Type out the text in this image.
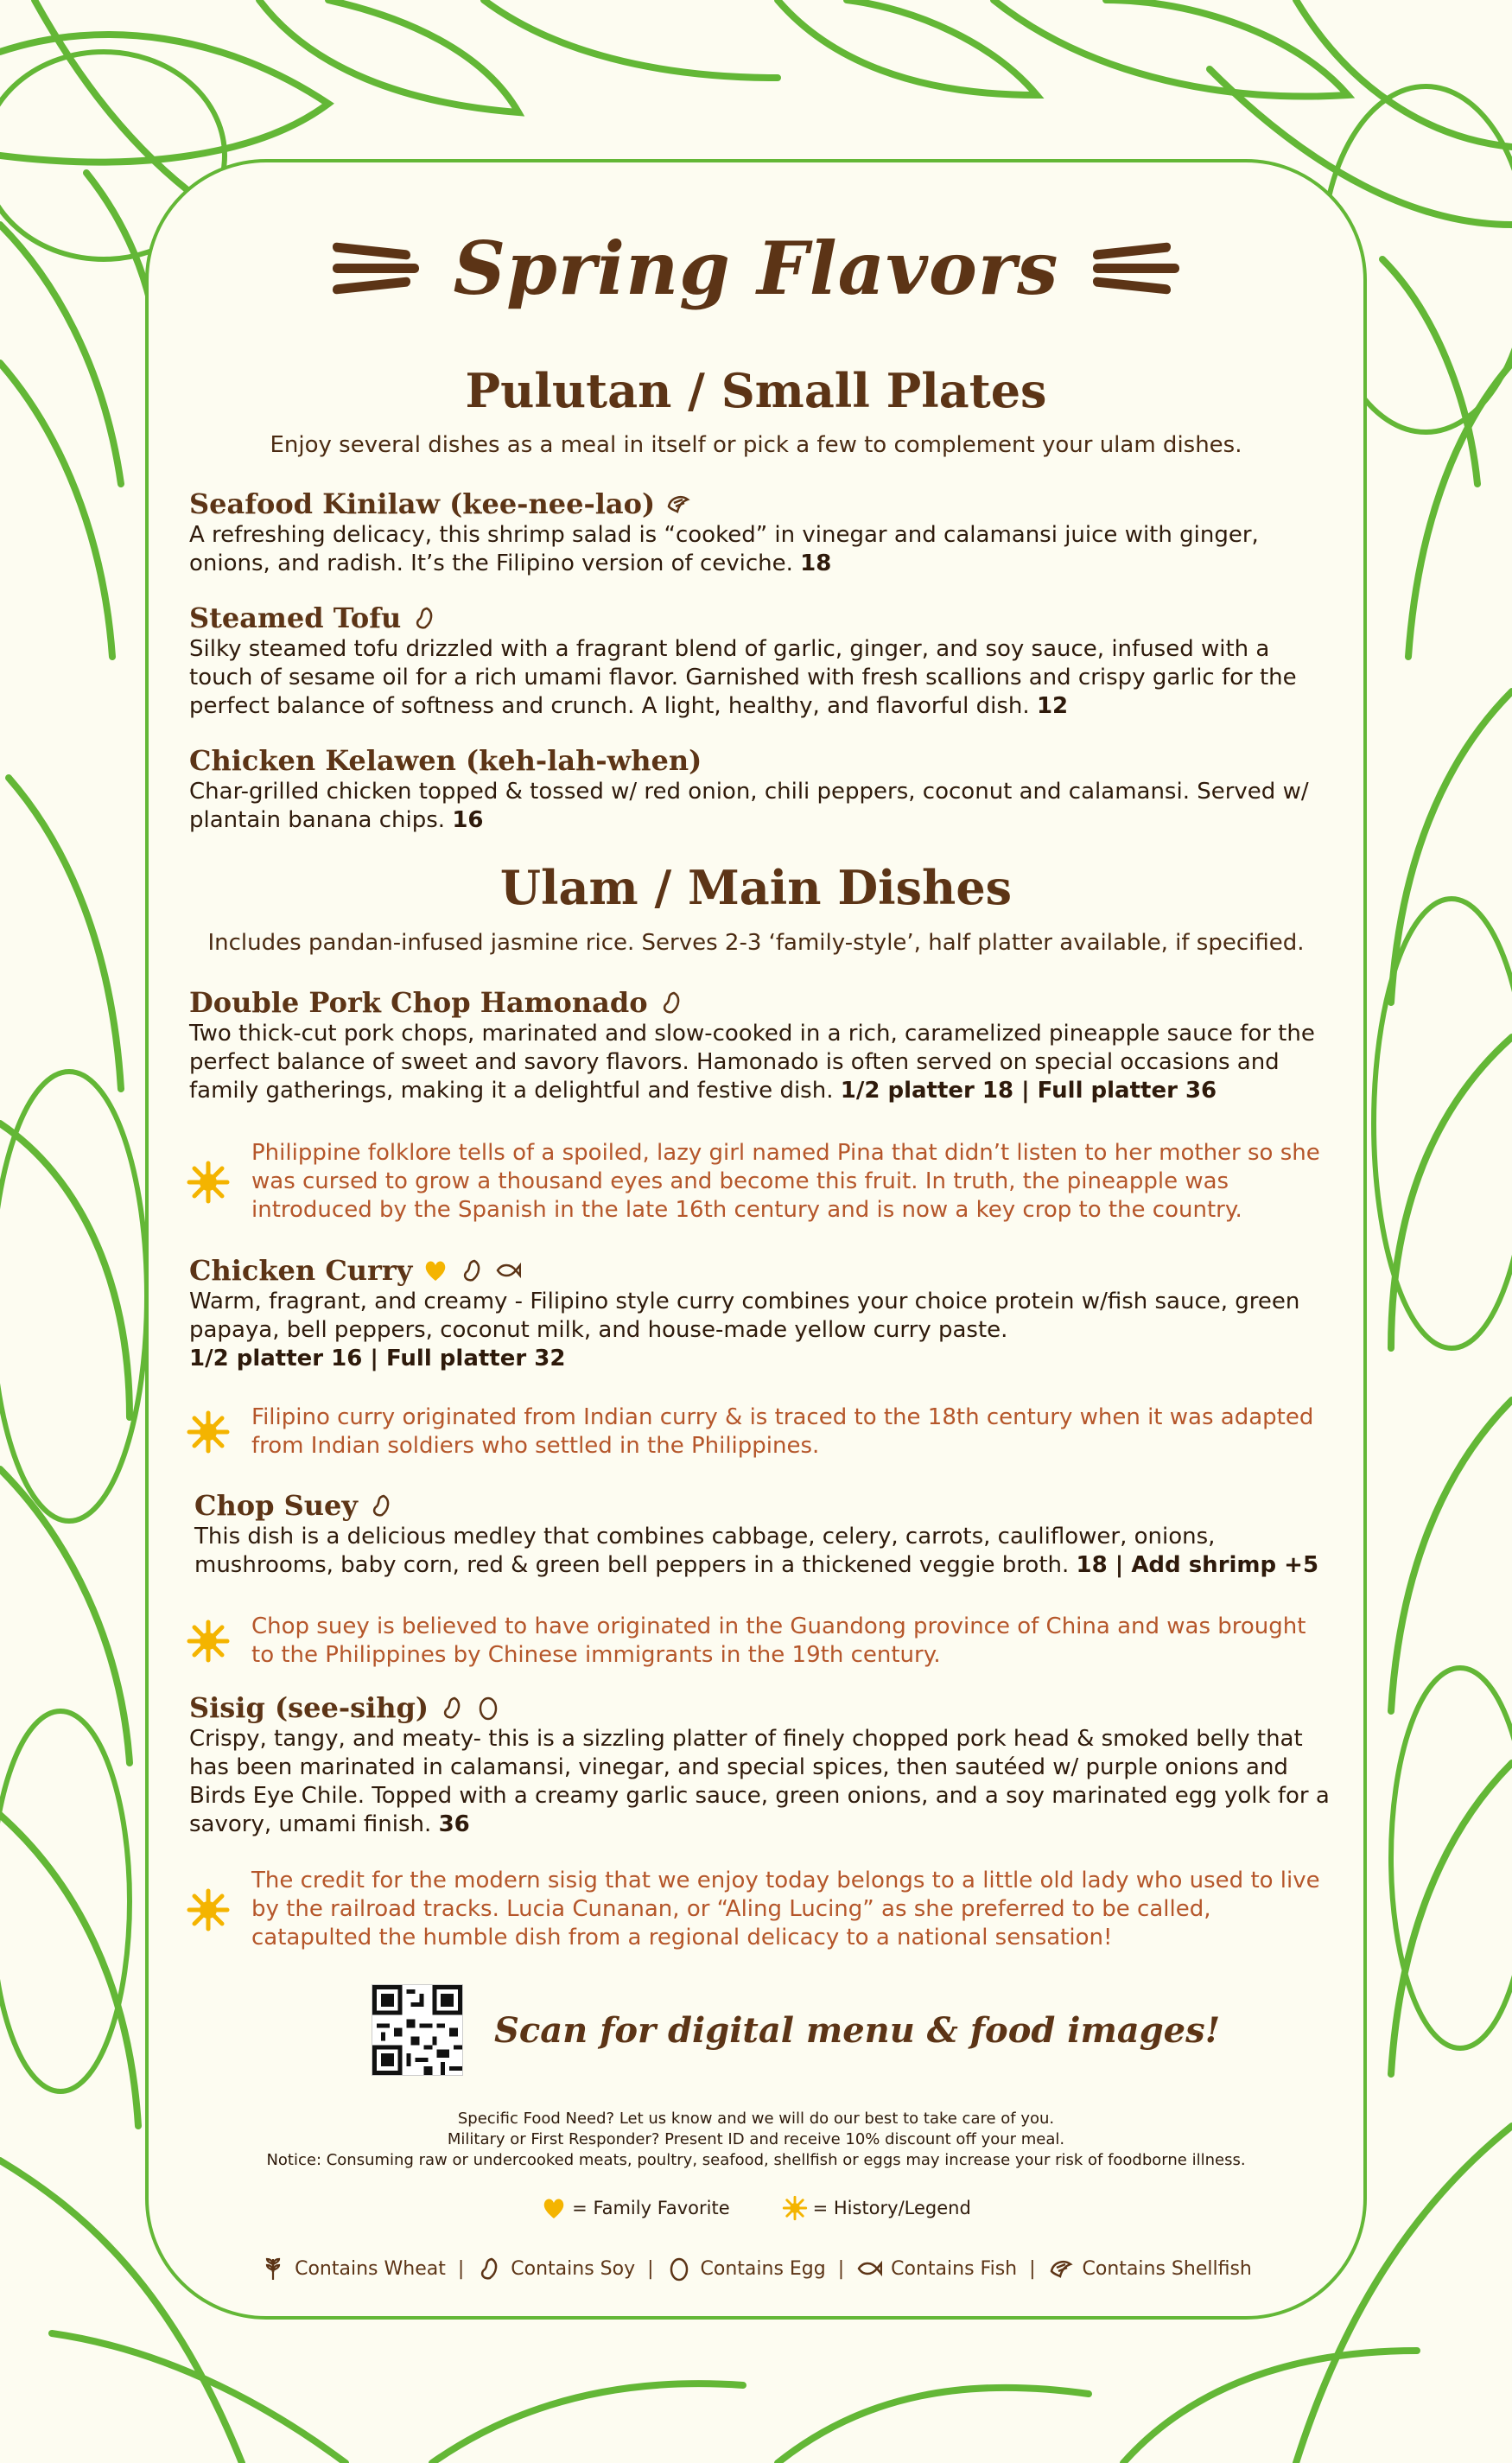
Spring Flavors
Pulutan / Small Plates
Enjoy several dishes as a meal in itself or pick a few to complement your ulam dishes.
Seafood Kinilaw (kee-nee-lao)
A refreshing delicacy, this shrimp salad is “cooked” in vinegar and calamansi juice with ginger, onions, and radish. It’s the Filipino version of ceviche. 18
Steamed Tofu
Silky steamed tofu drizzled with a fragrant blend of garlic, ginger, and soy sauce, infused with a touch of sesame oil for a rich umami flavor. Garnished with fresh scallions and crispy garlic for the perfect balance of softness and crunch. A light, healthy, and flavorful dish. 12
Chicken Kelawen (keh-lah-when)
Char-grilled chicken topped & tossed w/ red onion, chili peppers, coconut and calamansi. Served w/ plantain banana chips. 16
Ulam / Main Dishes
Includes pandan-infused jasmine rice. Serves 2-3 ‘family-style’, half platter available, if specified.
Double Pork Chop Hamonado
Two thick-cut pork chops, marinated and slow-cooked in a rich, caramelized pineapple sauce for the perfect balance of sweet and savory flavors. Hamonado is often served on special occasions and family gatherings, making it a delightful and festive dish. 1/2 platter 18 | Full platter 36
Philippine folklore tells of a spoiled, lazy girl named Pina that didn’t listen to her mother so she was cursed to grow a thousand eyes and become this fruit. In truth, the pineapple was introduced by the Spanish in the late 16th century and is now a key crop to the country.
Chicken Curry
Warm, fragrant, and creamy - Filipino style curry combines your choice protein w/fish sauce, green papaya, bell peppers, coconut milk, and house-made yellow curry paste.
1/2 platter 16 | Full platter 32
Filipino curry originated from Indian curry & is traced to the 18th century when it was adapted from Indian soldiers who settled in the Philippines.
Chop Suey
This dish is a delicious medley that combines cabbage, celery, carrots, cauliflower, onions, mushrooms, baby corn, red & green bell peppers in a thickened veggie broth. 18 | Add shrimp +5
Chop suey is believed to have originated in the Guandong province of China and was brought to the Philippines by Chinese immigrants in the 19th century.
Sisig (see-sihg)
Crispy, tangy, and meaty- this is a sizzling platter of finely chopped pork head & smoked belly that has been marinated in calamansi, vinegar, and special spices, then sautéed w/ purple onions and Birds Eye Chile. Topped with a creamy garlic sauce, green onions, and a soy marinated egg yolk for a savory, umami finish. 36
The credit for the modern sisig that we enjoy today belongs to a little old lady who used to live by the railroad tracks. Lucia Cunanan, or “Aling Lucing” as she preferred to be called, catapulted the humble dish from a regional delicacy to a national sensation!
Scan for digital menu & food images!
Specific Food Need? Let us know and we will do our best to take care of you.
Military or First Responder? Present ID and receive 10% discount off your meal.
Notice: Consuming raw or undercooked meats, poultry, seafood, shellfish or eggs may increase your risk of foodborne illness.
= Family Favorite	= History/Legend
Contains Wheat | Contains Soy | Contains Egg | Contains Fish | Contains Shellfish
